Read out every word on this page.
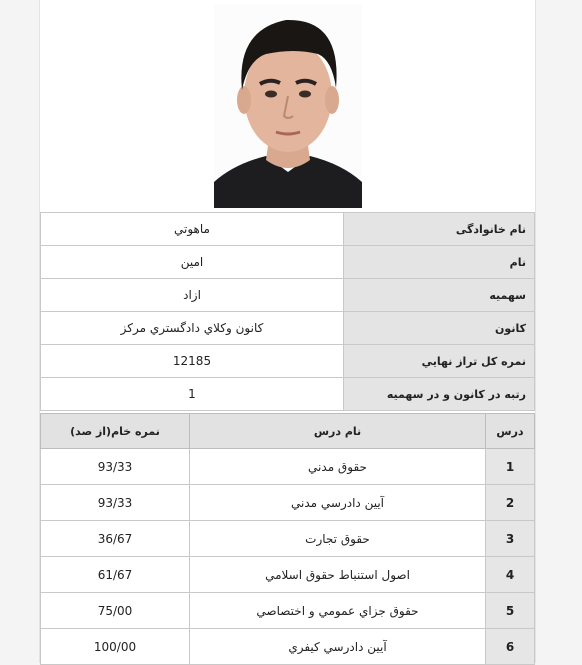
نام خانوادگی	ماهوتي
نام	امين
سهميه	ازاد
كانون	كانون وكلاي دادگستري مركز
نمره كل تراز نهايي	12185
رتبه در كانون و در سهميه	1
درس	نام درس	نمره خام(از صد)
1	حقوق مدني	93/33
2	آيين دادرسي مدني	93/33
3	حقوق تجارت	36/67
4	اصول استنباط حقوق اسلامي	61/67
5	حقوق جزاي عمومي و اختصاصي	75/00
6	آيين دادرسي كيفري	100/00
